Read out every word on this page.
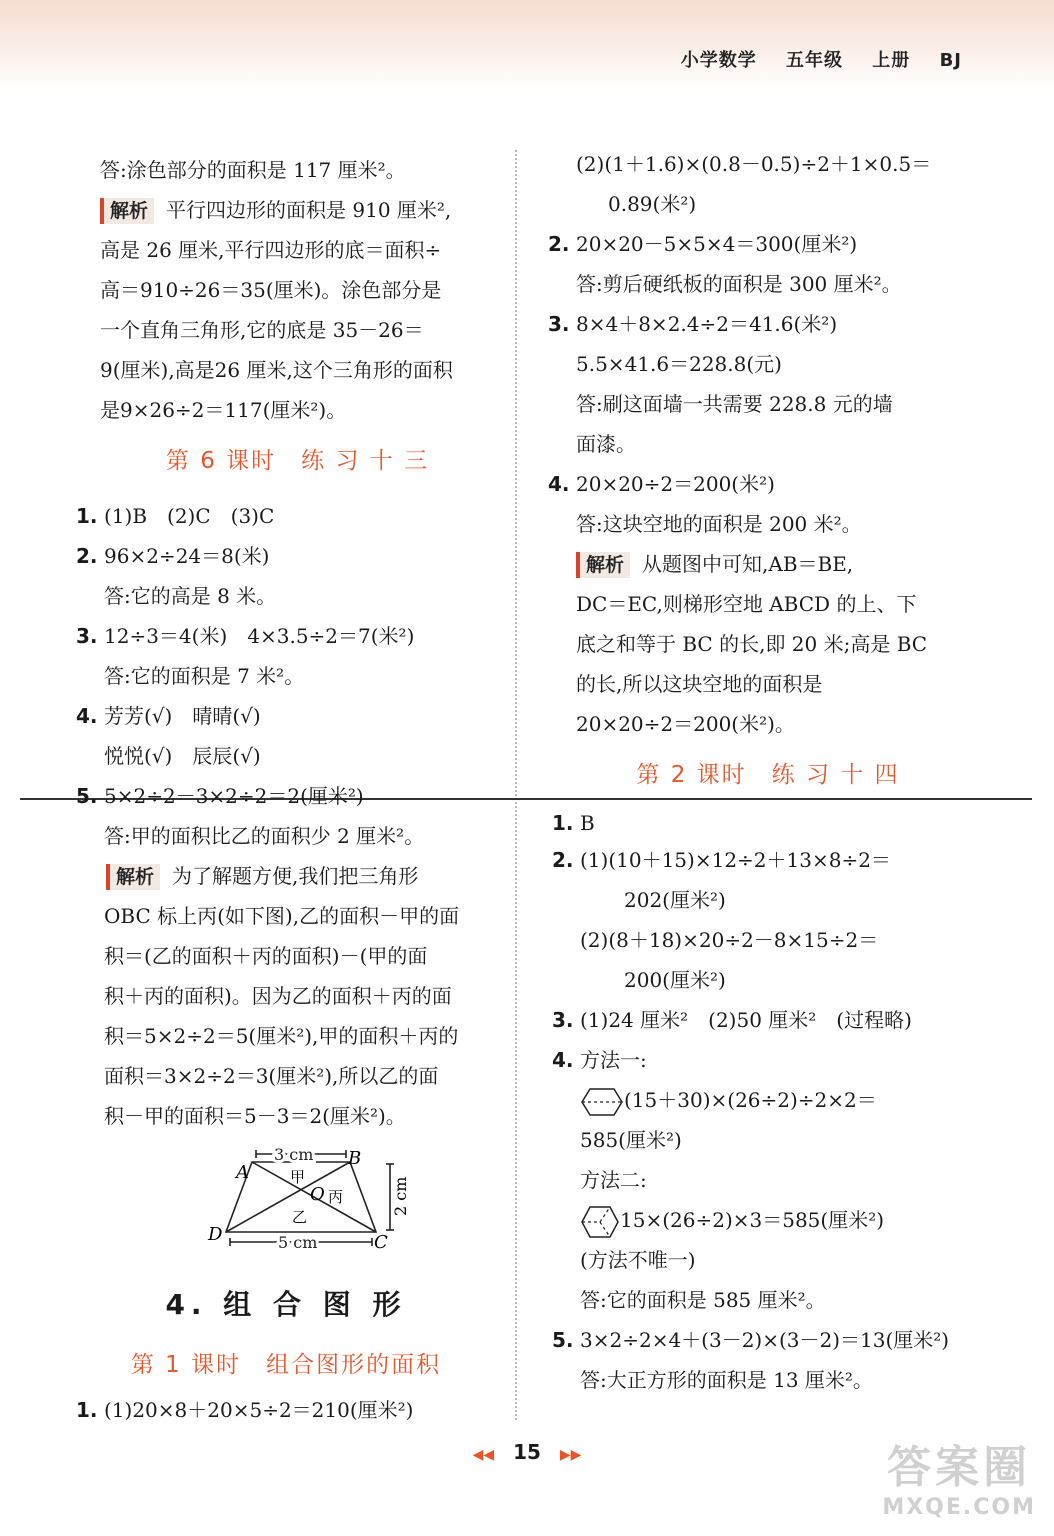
小学数学 五年级 上册 BJ
答:涂色部分的面积是 117 厘米²。
解析 平行四边形的面积是 910 厘米²,
高是 26 厘米,平行四边形的底＝面积÷
高＝910÷26＝35(厘米)。涂色部分是
一个直角三角形,它的底是 35－26＝
9(厘米),高是26 厘米,这个三角形的面积
是9×26÷2＝117(厘米²)。
第 6 课时　练 习 十 三
1. (1)B　(2)C　(3)C
2. 96×2÷24＝8(米)
答:它的高是 8 米。
3. 12÷3＝4(米)　4×3.5÷2＝7(米²)
答:它的面积是 7 米²。
4. 芳芳(√)　晴晴(√)
悦悦(√)　辰辰(√)
5. 5×2÷2－3×2÷2＝2(厘米²)
答:甲的面积比乙的面积少 2 厘米²。
解析 为了解题方便,我们把三角形
OBC 标上丙(如下图),乙的面积－甲的面
积＝(乙的面积＋丙的面积)－(甲的面
积＋丙的面积)。因为乙的面积＋丙的面
积＝5×2÷2＝5(厘米²),甲的面积＋丙的
面积＝3×2÷2＝3(厘米²),所以乙的面
积－甲的面积＝5－3＝2(厘米²)。
A
B
C
D
O
3 cm
5 cm
2 cm
甲
丙
乙
4. 组 合 图 形
第 1 课时　组合图形的面积
1. (1)20×8＋20×5÷2＝210(厘米²)
(2)(1＋1.6)×(0.8－0.5)÷2＋1×0.5＝
0.89(米²)
2. 20×20－5×5×4＝300(厘米²)
答:剪后硬纸板的面积是 300 厘米²。
3. 8×4＋8×2.4÷2＝41.6(米²)
5.5×41.6＝228.8(元)
答:刷这面墙一共需要 228.8 元的墙
面漆。
4. 20×20÷2＝200(米²)
答:这块空地的面积是 200 米²。
解析 从题图中可知,AB＝BE,
DC＝EC,则梯形空地 ABCD 的上、下
底之和等于 BC 的长,即 20 米;高是 BC
的长,所以这块空地的面积是
20×20÷2＝200(米²)。
第 2 课时　练 习 十 四
1. B
2. (1)(10＋15)×12÷2＋13×8÷2＝
202(厘米²)
(2)(8＋18)×20÷2－8×15÷2＝
200(厘米²)
3. (1)24 厘米²　(2)50 厘米²　(过程略)
4. 方法一:
(15＋30)×(26÷2)÷2×2＝
585(厘米²)
方法二:
15×(26÷2)×3＝585(厘米²)
(方法不唯一)
答:它的面积是 585 厘米²。
5. 3×2÷2×4＋(3－2)×(3－2)＝13(厘米²)
答:大正方形的面积是 13 厘米²。
◀◀ 15 ▶▶	答案圈
MXQE.COM
